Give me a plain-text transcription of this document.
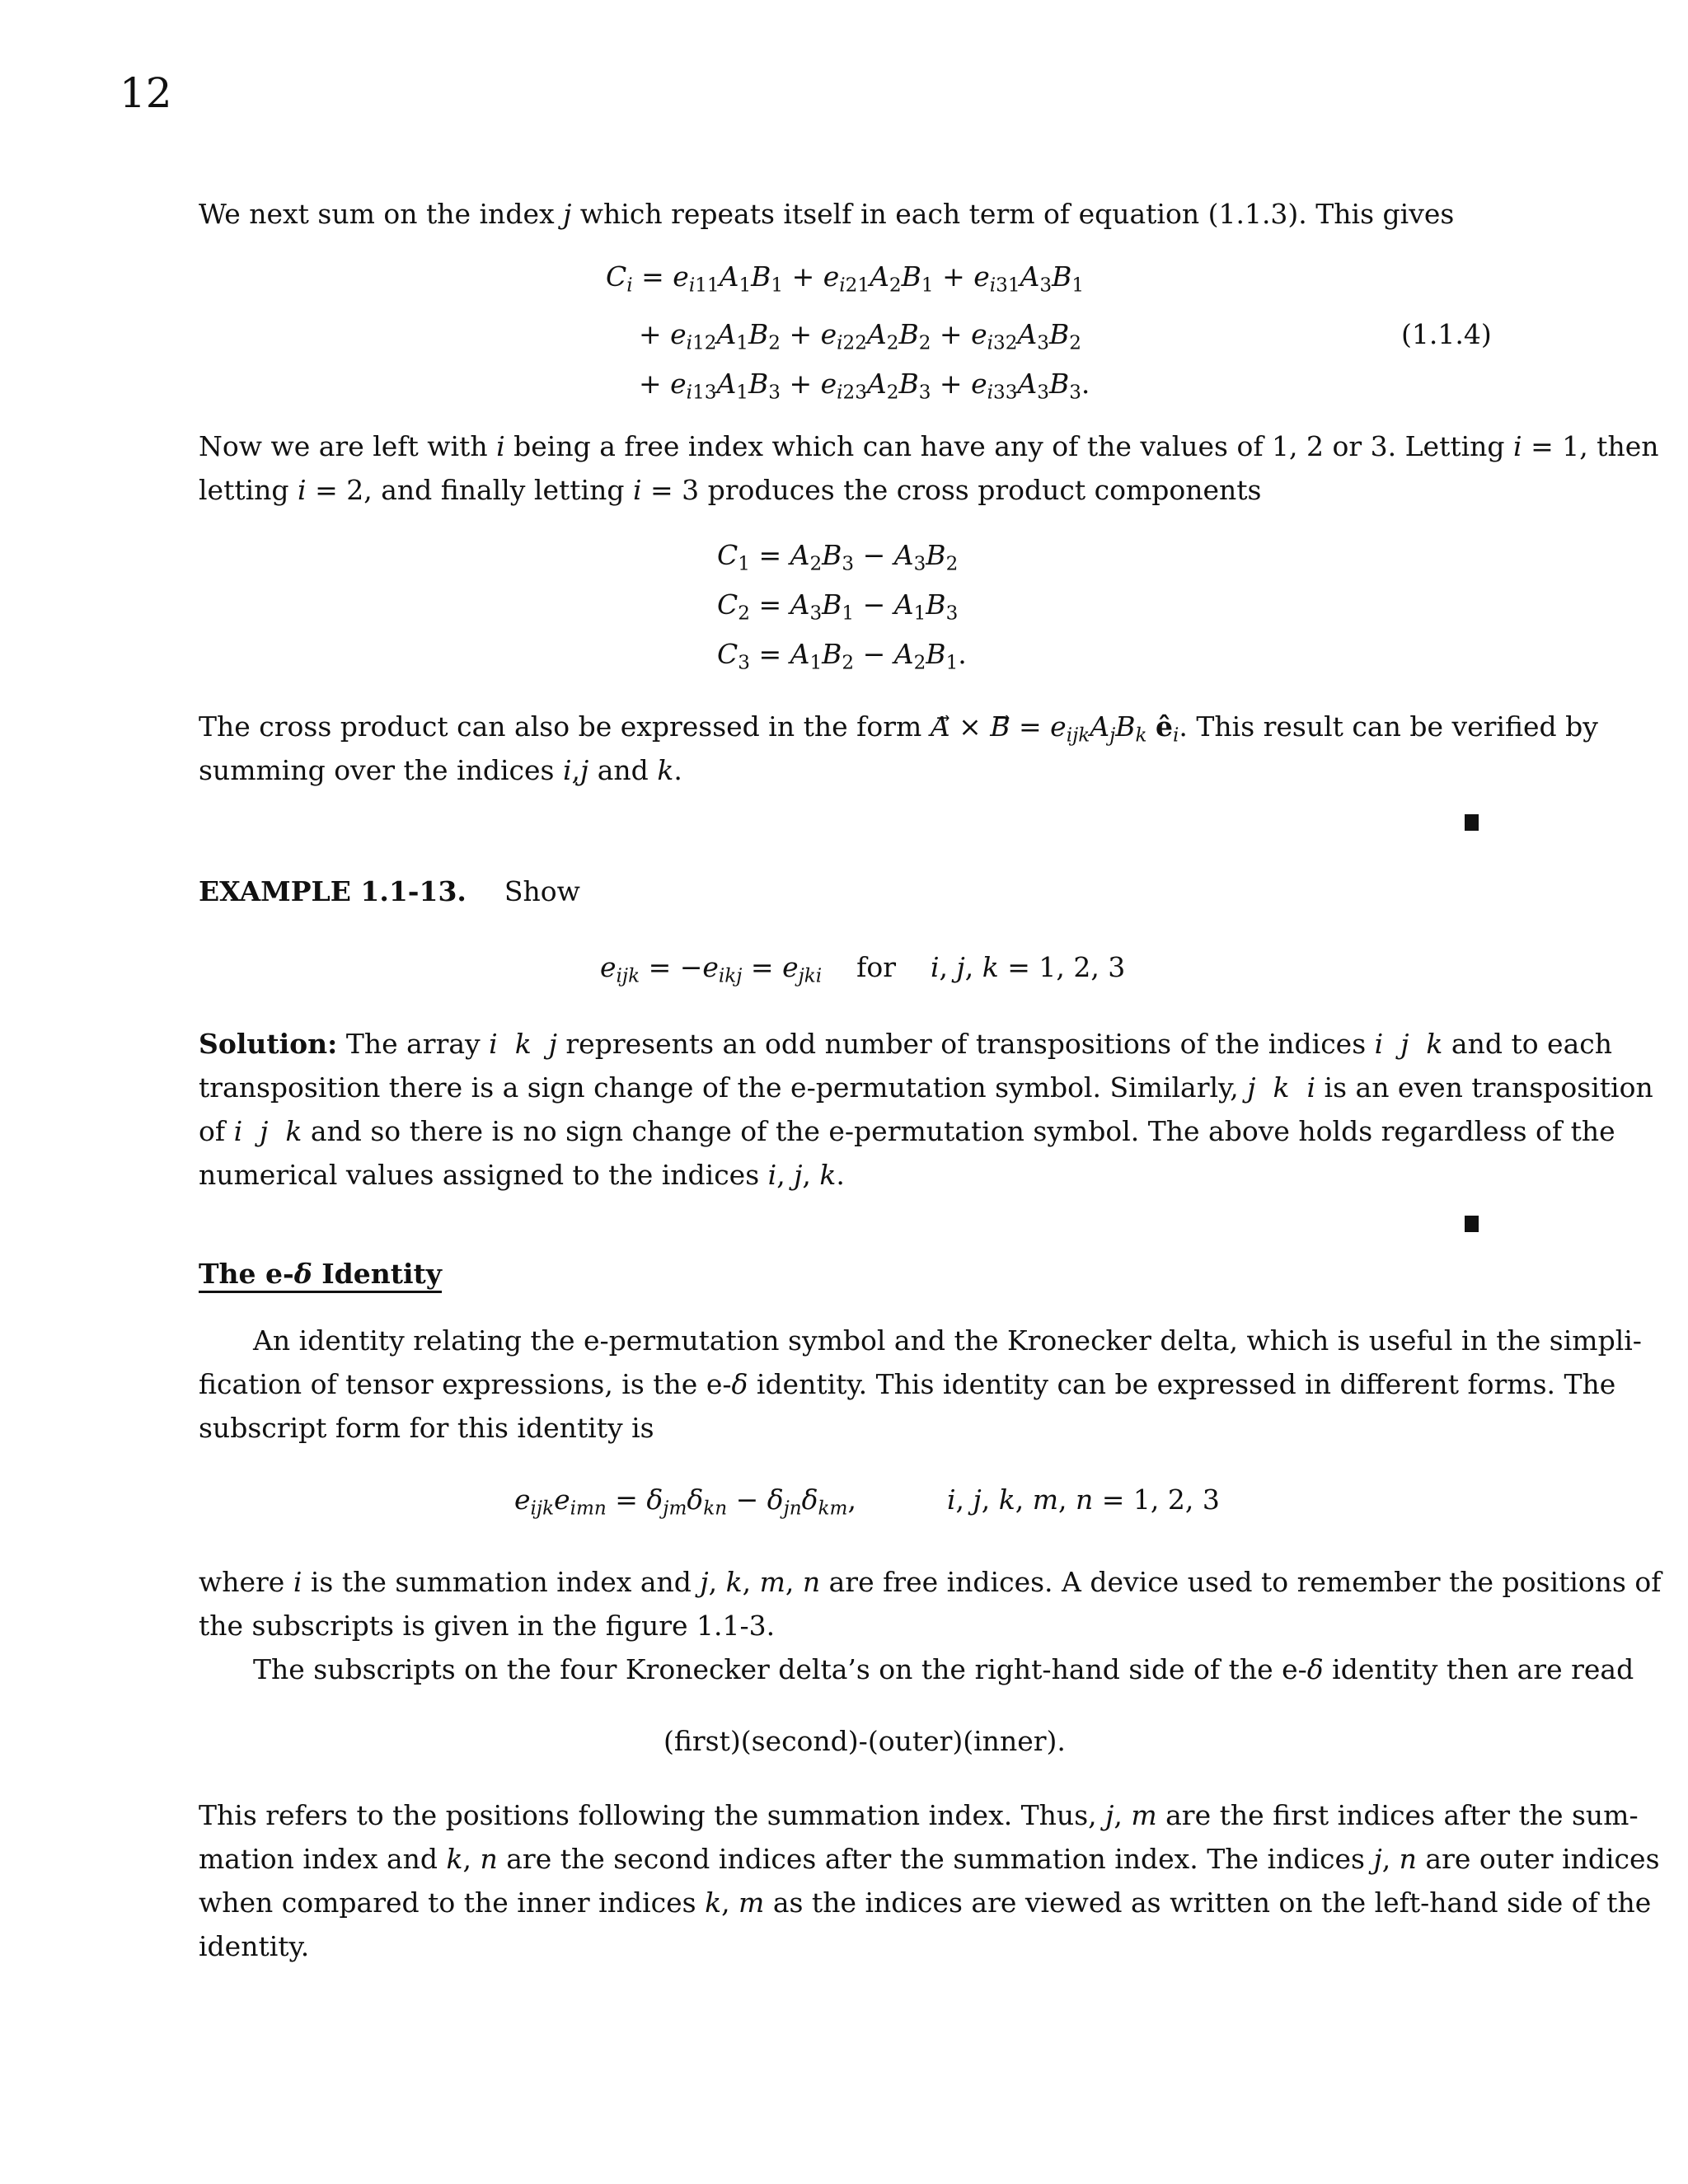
12
We next sum on the index j which repeats itself in each term of equation (1.1.3). This gives
$C_i = e_{i11}A_1B_1 + e_{i21}A_2B_1 + e_{i31}A_3B_1$
+ $e_{i12}A_1B_2 + e_{i22}A_2B_2 + e_{i32}A_3B_2$	(1.1.4)
+ $e_{i13}A_1B_3 + e_{i23}A_2B_3 + e_{i33}A_3B_3$.
Now we are left with i being a free index which can have any of the values of 1, 2 or 3. Letting i = 1, then
letting i = 2, and finally letting i = 3 produces the cross product components
$C_1 = A_2B_3 - A_3B_2$
$C_2 = A_3B_1 - A_1B_3$
$C_3 = A_1B_2 - A_2B_1$.
The cross product can also be expressed in the form A⃗ × B⃗ = $e_{ijk}A_jB_k$ $ê_i$. This result can be verified by
summing over the indices i,j and k.
EXAMPLE 1.1-13. Show
$e_{ijk} = -e_{ikj} = e_{jki}$ for i, j, k = 1, 2, 3
Solution: The array i k j represents an odd number of transpositions of the indices i j k and to each
transposition there is a sign change of the e-permutation symbol. Similarly, j k i is an even transposition
of i j k and so there is no sign change of the e-permutation symbol. The above holds regardless of the
numerical values assigned to the indices i, j, k.
The e-δ Identity
An identity relating the e-permutation symbol and the Kronecker delta, which is useful in the simpli-
fication of tensor expressions, is the e-δ identity. This identity can be expressed in different forms. The
subscript form for this identity is
$e_{ijk}e_{imn} = \delta_{jm}\delta_{kn} - \delta_{jn}\delta_{km}$,	i, j, k, m, n = 1, 2, 3
where i is the summation index and j, k, m, n are free indices. A device used to remember the positions of
the subscripts is given in the figure 1.1-3.
The subscripts on the four Kronecker delta’s on the right-hand side of the e-δ identity then are read
(first)(second)-(outer)(inner).
This refers to the positions following the summation index. Thus, j, m are the first indices after the sum-
mation index and k, n are the second indices after the summation index. The indices j, n are outer indices
when compared to the inner indices k, m as the indices are viewed as written on the left-hand side of the
identity.
